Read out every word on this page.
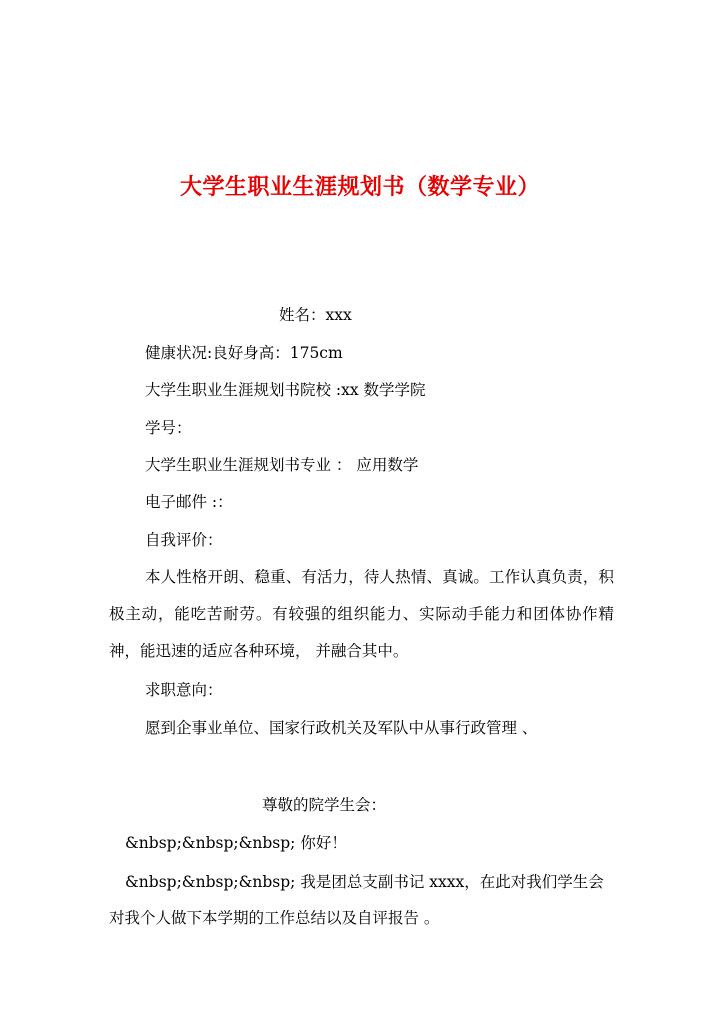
大学生职业生涯规划书（数学专业）
姓名：xxx
健康状况:良好身高：175cm
大学生职业生涯规划书院校 :xx 数学学院
学号：
大学生职业生涯规划书专业 ： 应用数学
电子邮件 :：
自我评价：
本人性格开朗、稳重、有活力，待人热情、真诚。工作认真负责，积极主动，能吃苦耐劳。有较强的组织能力、实际动手能力和团体协作精神，能迅速的适应各种环境， 并融合其中。
求职意向：
愿到企事业单位、国家行政机关及军队中从事行政管理 、
尊敬的院学生会：
&nbsp;&nbsp;&nbsp; 你好！
&nbsp;&nbsp;&nbsp; 我是团总支副书记 xxxx，在此对我们学生会
对我个人做下本学期的工作总结以及自评报告 。
